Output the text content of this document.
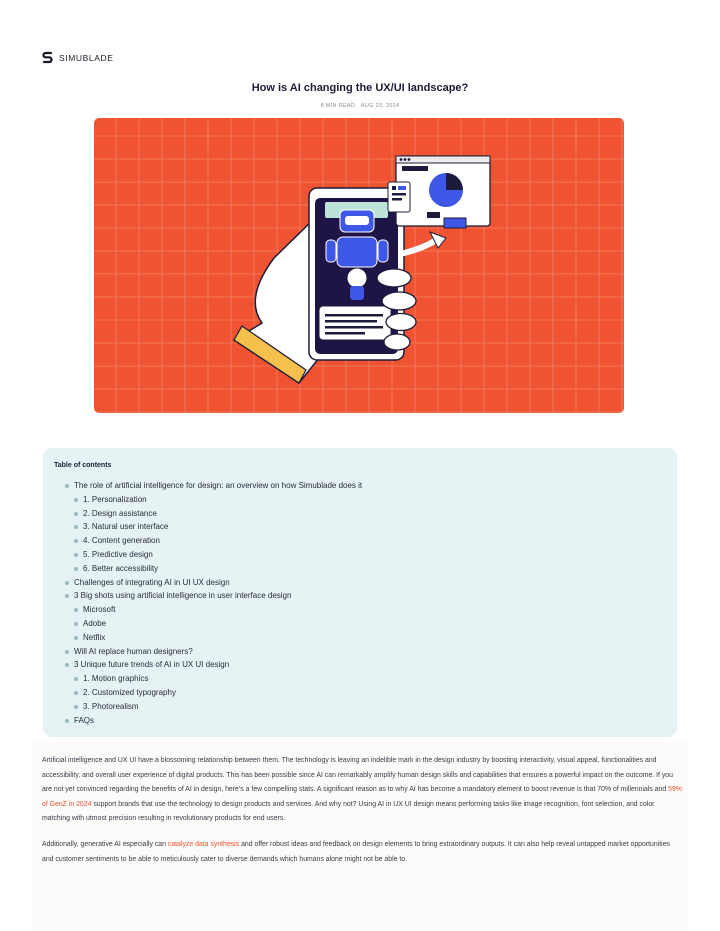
SIMUBLADE
How is AI changing the UX/UI landscape?
8 MIN READ AUG 23, 2024
Table of contents
The role of artificial intelligence for design: an overview on how Simublade does it
1. Personalization
2. Design assistance
3. Natural user interface
4. Content generation
5. Predictive design
6. Better accessibility
Challenges of integrating AI in UI UX design
3 Big shots using artificial intelligence in user interface design
Microsoft
Adobe
Netflix
Will AI replace human designers?
3 Unique future trends of AI in UX UI design
1. Motion graphics
2. Customized typography
3. Photorealism
FAQs

Artificial intelligence and UX UI have a blossoming relationship between them. The technology is leaving an indelible mark in the design industry by boosting interactivity, visual appeal, functionalities and accessibility, and overall user experience of digital products. This has been possible since AI can remarkably amplify human design skills and capabilities that ensures a powerful impact on the outcome. If you are not yet convinced regarding the benefits of AI in design, here’s a few compelling stats. A significant reason as to why AI has become a mandatory element to boost revenue is that 70% of millennials and 59% of GenZ in 2024 support brands that use the technology to design products and services. And why not? Using AI in UX UI design means performing tasks like image recognition, font selection, and color matching with utmost precision resulting in revolutionary products for end users.

Additionally, generative AI especially can catalyze data synthesis and offer robust ideas and feedback on design elements to bring extraordinary outputs. It can also help reveal untapped market opportunities and customer sentiments to be able to meticulously cater to diverse demands which humans alone might not be able to.
